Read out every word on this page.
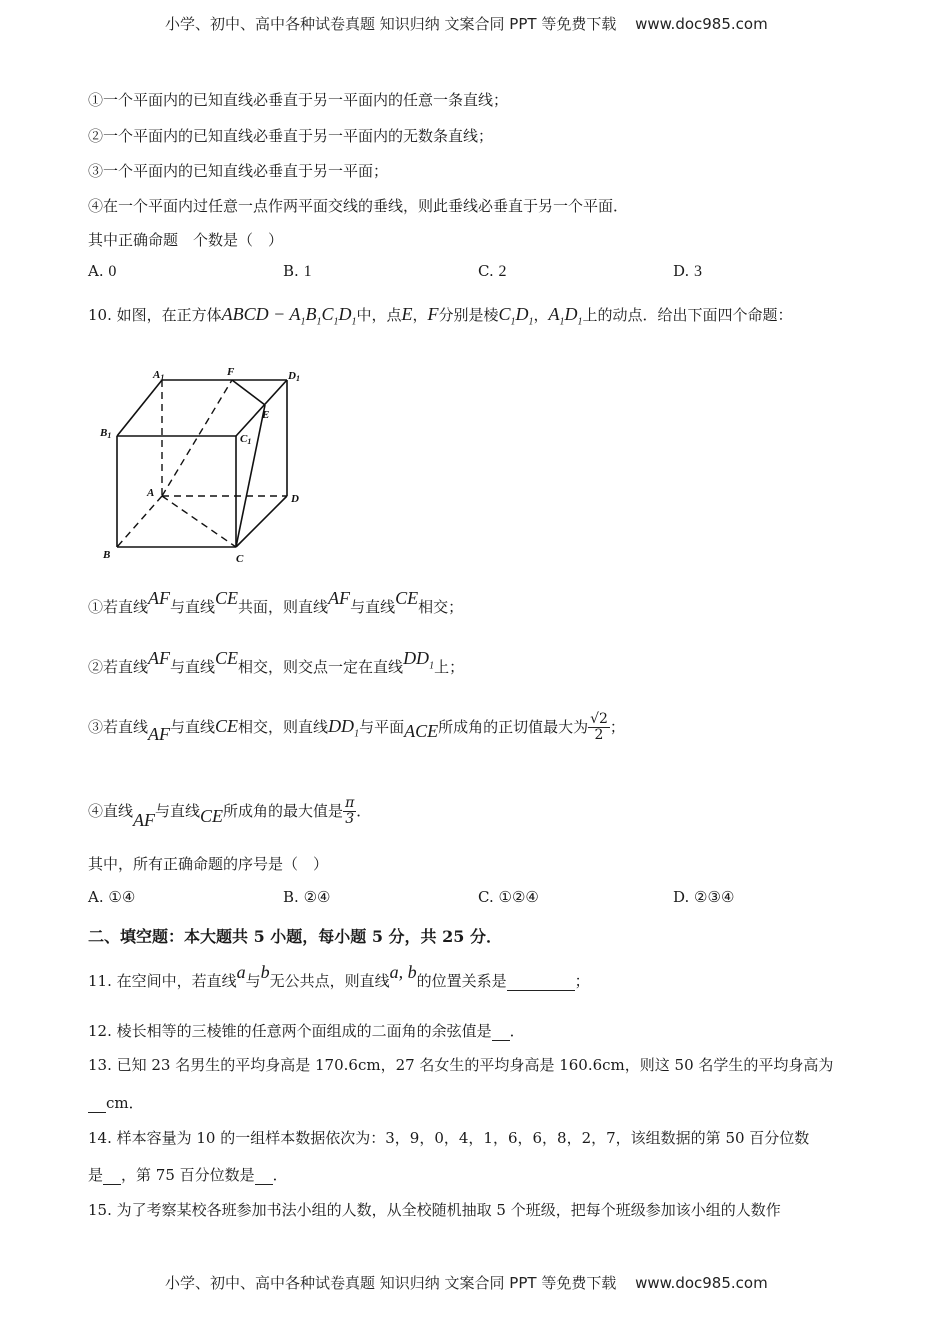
小学、初中、高中各种试卷真题 知识归纳 文案合同 PPT 等免费下载 www.doc985.com
①一个平面内的已知直线必垂直于另一平面内的任意一条直线；
②一个平面内的已知直线必垂直于另一平面内的无数条直线；
③一个平面内的已知直线必垂直于另一平面；
④在一个平面内过任意一点作两平面交线的垂线，则此垂线必垂直于另一个平面．
其中正确命题　个数是（　）
A. 0	B. 1	C. 2	D. 3
10. 如图，在正方体ABCD − $A_1B_1C_1D_1$中，点E，F分别是棱$C_1D_1$，$A_1D_1$上的动点．给出下面四个命题：
A1	F	D1
E
B1	C1
A	D
B	C
①若直线AF与直线CE共面，则直线AF与直线CE相交；
②若直线AF与直线CE相交，则交点一定在直线$DD_1$上；
③若直线AF与直线CE相交，则直线$DD_1$与平面ACE所成角的正切值最大为 $\frac{√2}{2}$ ；
④直线AF与直线CE所成角的最大值是 $\frac{\pi}{3}$ ．
其中，所有正确命题的序号是（　）
A. ①④	B. ②④	C. ①②④	D. ②③④
二、填空题：本大题共 5 小题，每小题 5 分，共 25 分．
11. 在空间中，若直线a与b无公共点，则直线a, b的位置关系是	；
12. 棱长相等的三棱锥的任意两个面组成的二面角的余弦值是 ．
13. 已知 23 名男生的平均身高是 170.6cm，27 名女生的平均身高是 160.6cm，则这 50 名学生的平均身高为
cm．
14. 样本容量为 10 的一组样本数据依次为：3，9，0，4，1，6，6，8，2，7，该组数据的第 50 百分位数
是 ，第 75 百分位数是 ．
15. 为了考察某校各班参加书法小组的人数，从全校随机抽取 5 个班级，把每个班级参加该小组的人数作
小学、初中、高中各种试卷真题 知识归纳 文案合同 PPT 等免费下载 www.doc985.com
